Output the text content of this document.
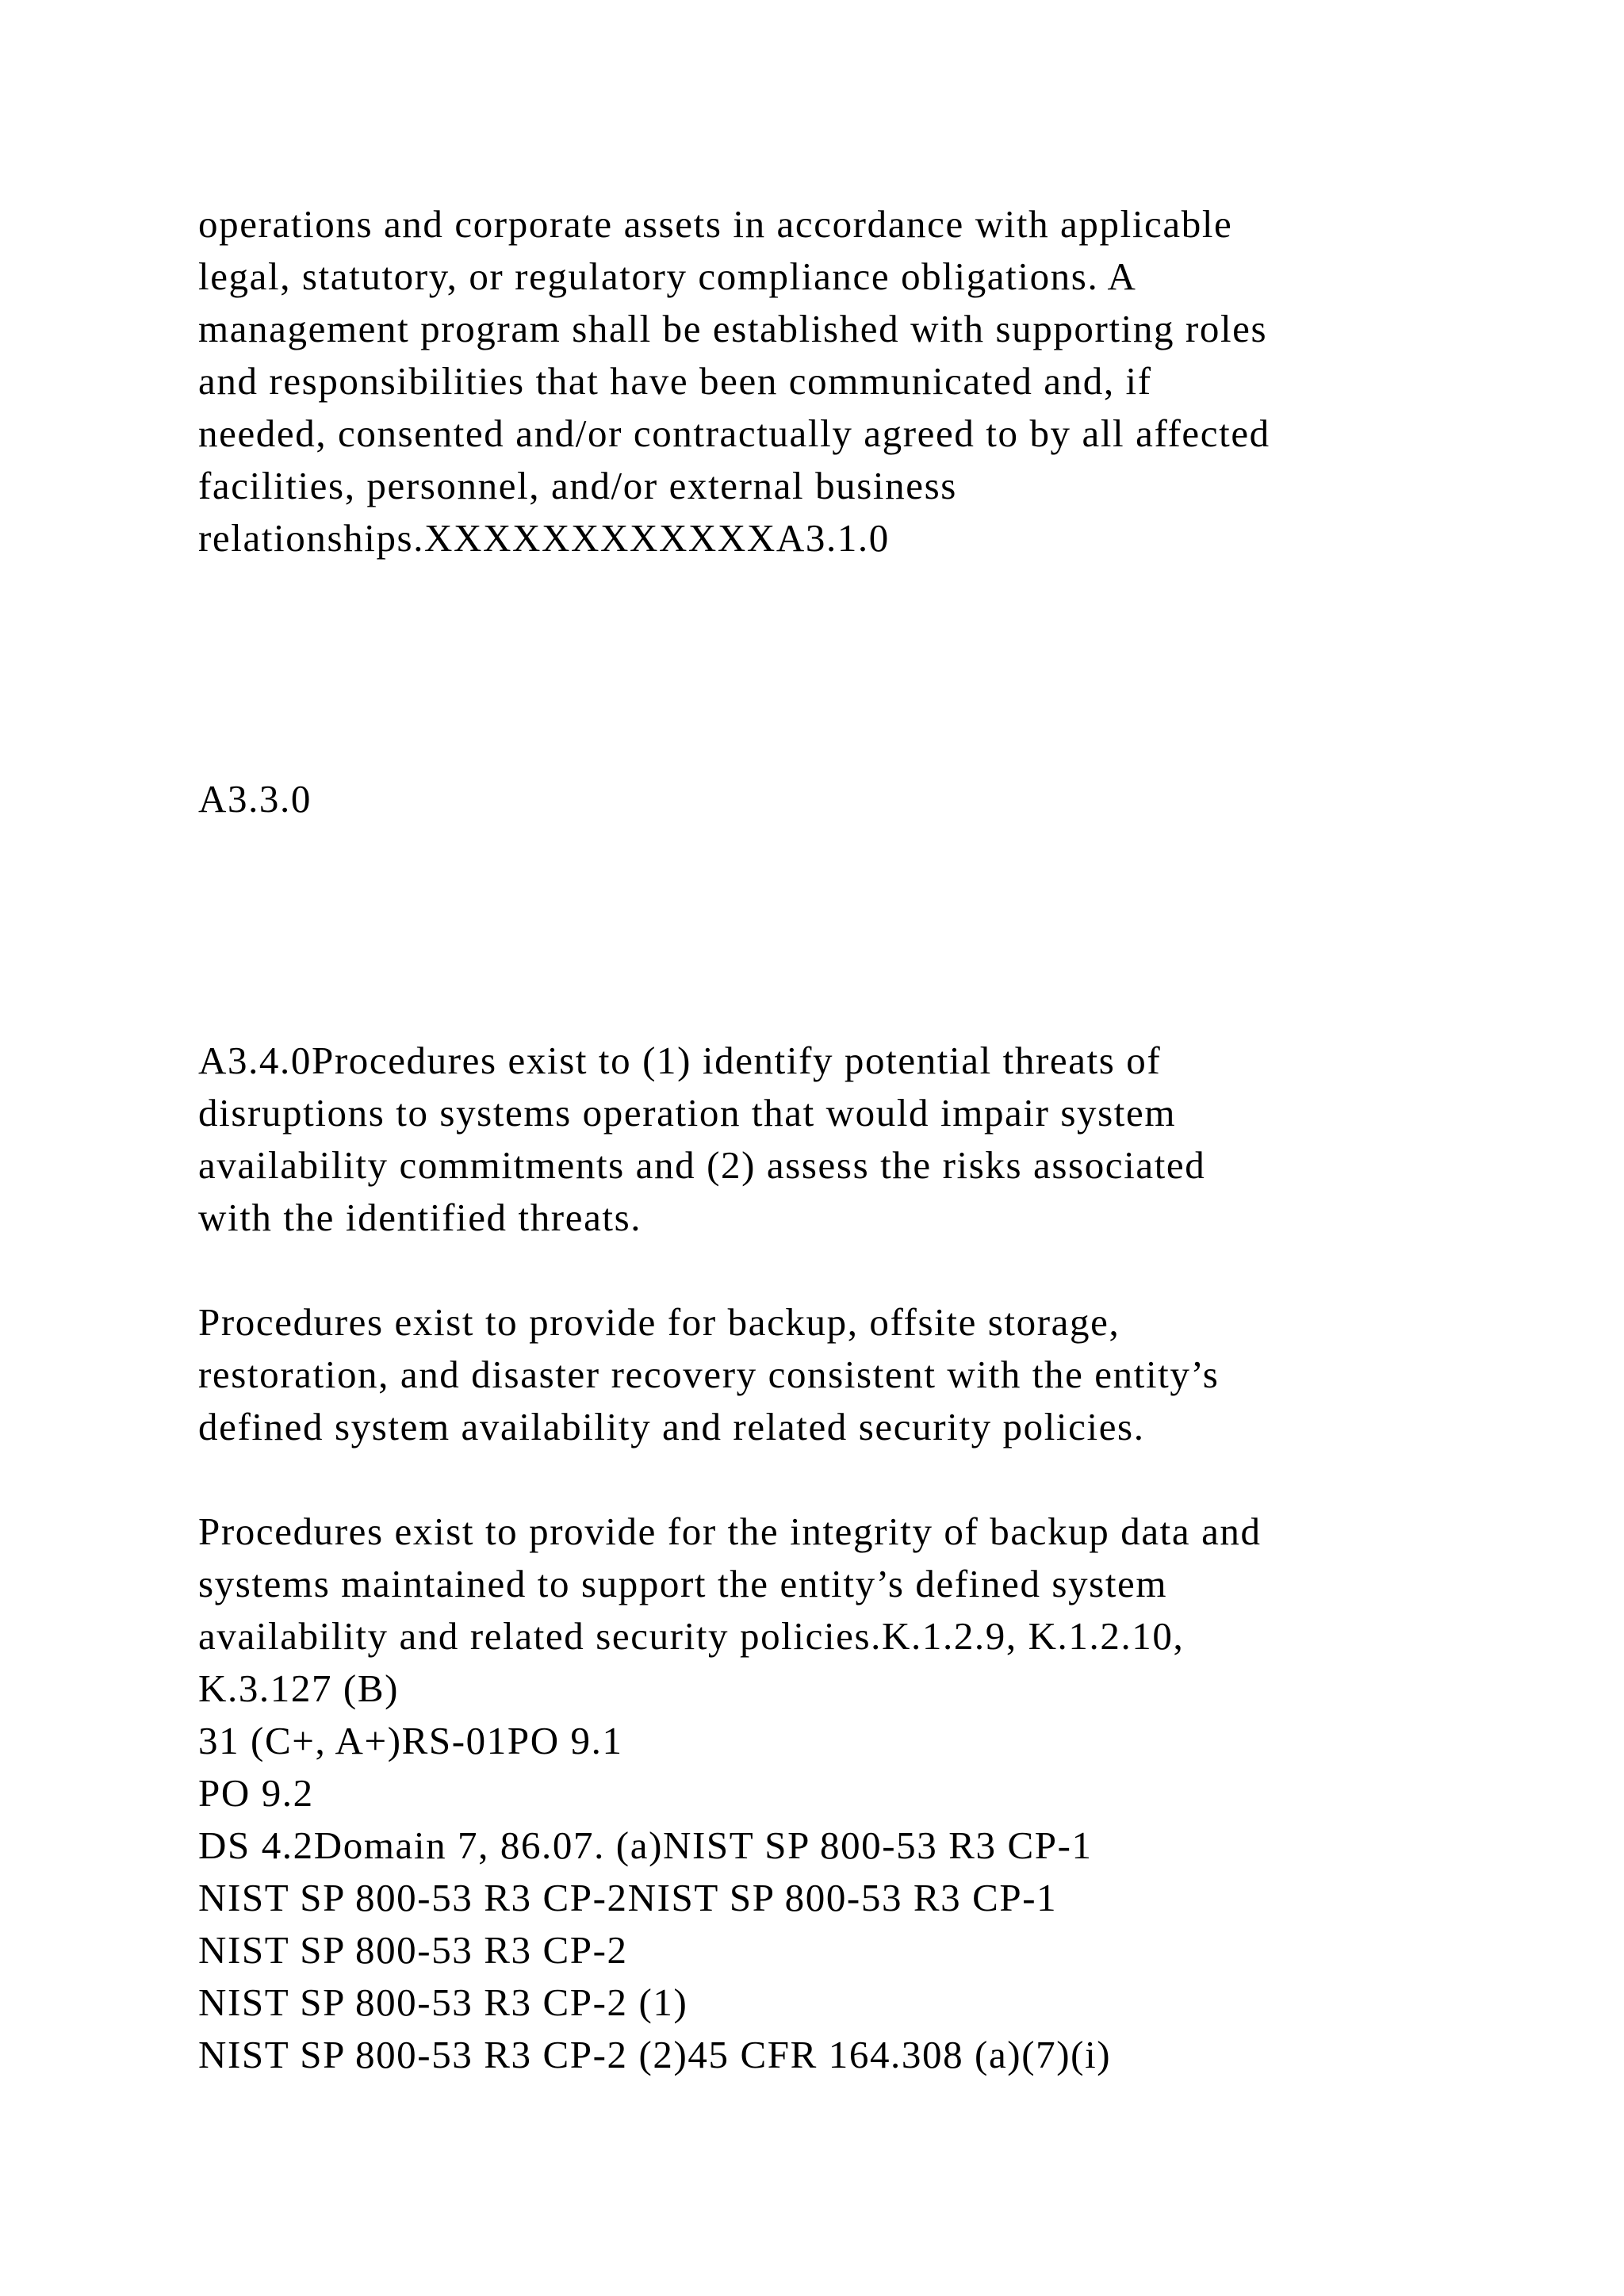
operations and corporate assets in accordance with applicable

legal, statutory, or regulatory compliance obligations. A

management program shall be established with supporting roles

and responsibilities that have been communicated and, if

needed, consented and/or contractually agreed to by all affected

facilities, personnel, and/or external business

relationships.XXXXXXXXXXXXA3.1.0

A3.3.0

A3.4.0Procedures exist to (1) identify potential threats of

disruptions to systems operation that would impair system

availability commitments and (2) assess the risks associated

with the identified threats.

Procedures exist to provide for backup, offsite storage,

restoration, and disaster recovery consistent with the entity’s

defined system availability and related security policies.

Procedures exist to provide for the integrity of backup data and

systems maintained to support the entity’s defined system

availability and related security policies.K.1.2.9, K.1.2.10,

K.3.127 (B)

31 (C+, A+)RS-01PO 9.1

PO 9.2

DS 4.2Domain 7, 86.07. (a)NIST SP 800-53 R3 CP-1

NIST SP 800-53 R3 CP-2NIST SP 800-53 R3 CP-1

NIST SP 800-53 R3 CP-2

NIST SP 800-53 R3 CP-2 (1)

NIST SP 800-53 R3 CP-2 (2)45 CFR 164.308 (a)(7)(i)
